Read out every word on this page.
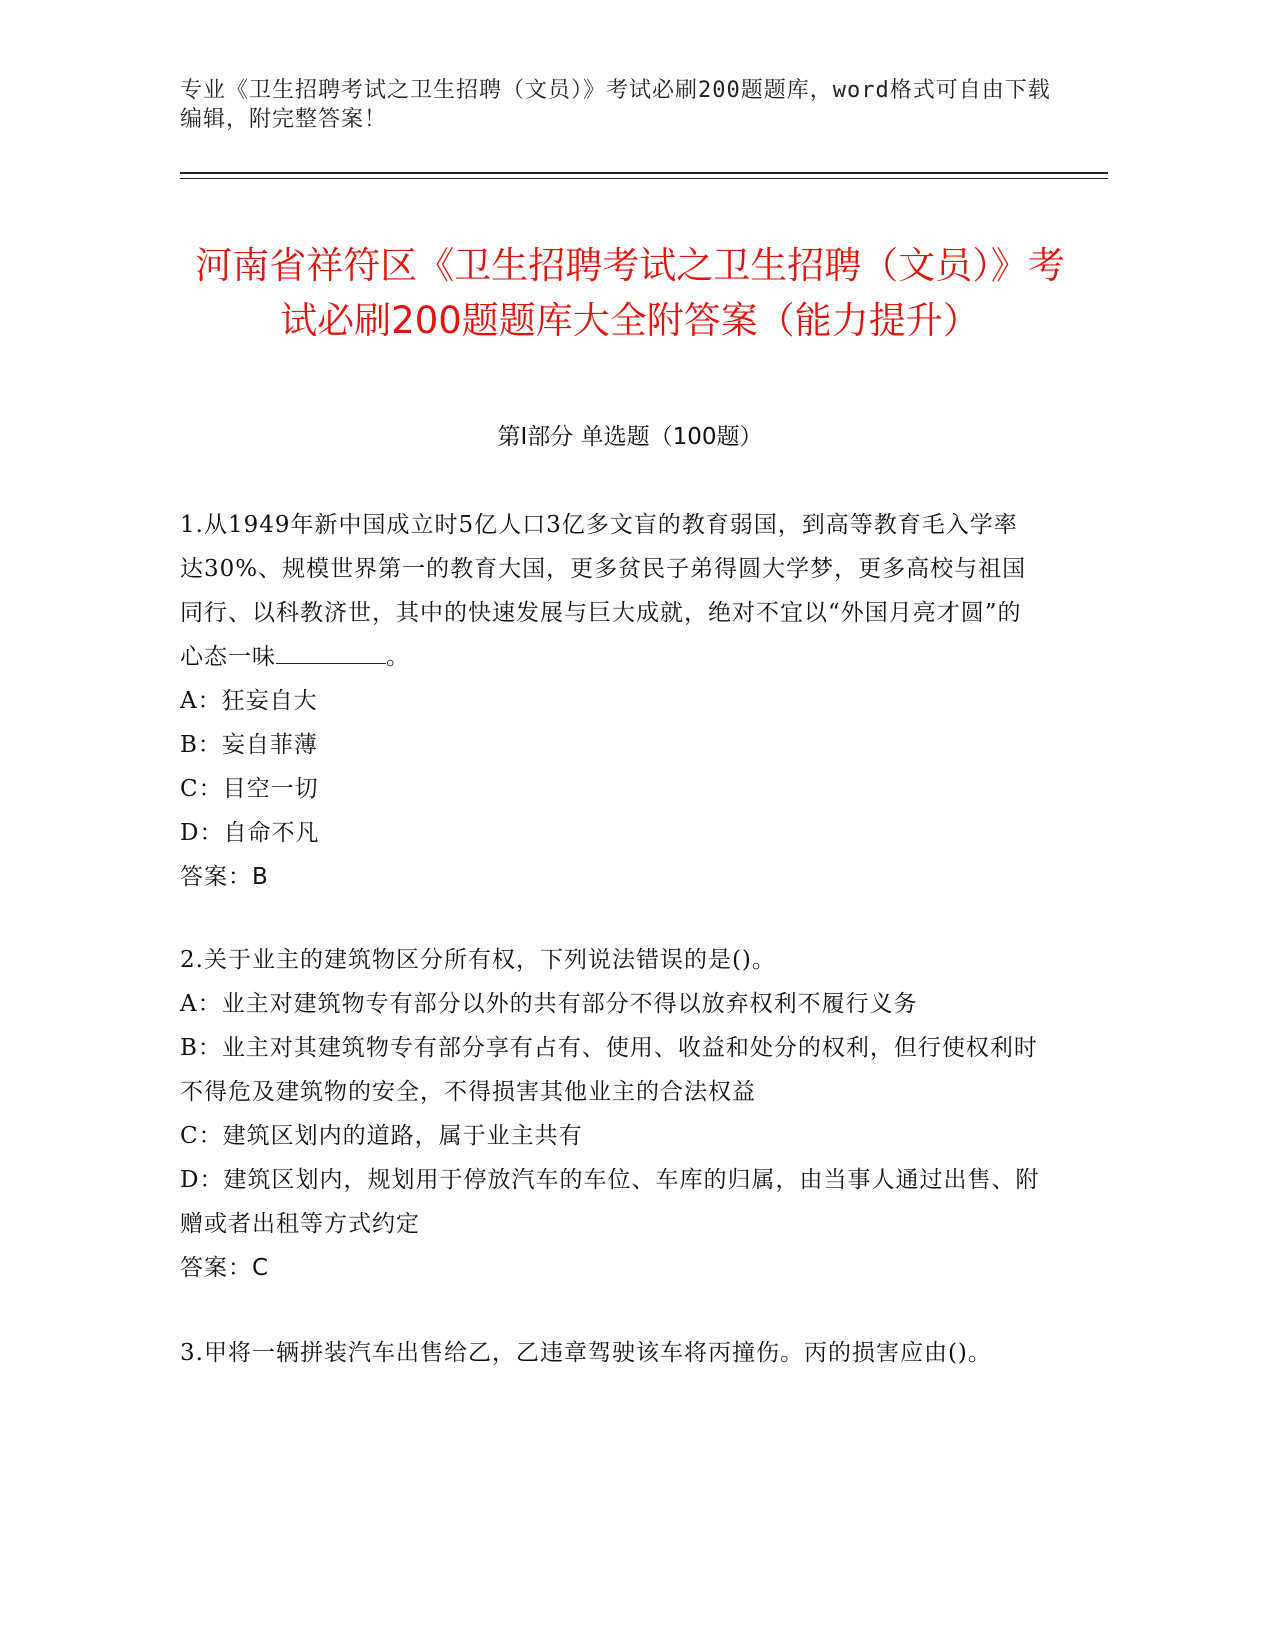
专业《卫生招聘考试之卫生招聘（文员）》考试必刷200题题库，word格式可自由下载编辑，附完整答案！
河南省祥符区《卫生招聘考试之卫生招聘（文员）》考试必刷200题题库大全附答案（能力提升）
第I部分 单选题（100题）

1.从1949年新中国成立时5亿人口3亿多文盲的教育弱国，到高等教育毛入学率达30%、规模世界第一的教育大国，更多贫民子弟得圆大学梦，更多高校与祖国同行、以科教济世，其中的快速发展与巨大成就，绝对不宜以“外国月亮才圆”的心态一味	。

A：狂妄自大

B：妄自菲薄

C：目空一切

D：自命不凡

答案：B

2.关于业主的建筑物区分所有权，下列说法错误的是()。

A：业主对建筑物专有部分以外的共有部分不得以放弃权利不履行义务

B：业主对其建筑物专有部分享有占有、使用、收益和处分的权利，但行使权利时不得危及建筑物的安全，不得损害其他业主的合法权益

C：建筑区划内的道路，属于业主共有

D：建筑区划内，规划用于停放汽车的车位、车库的归属，由当事人通过出售、附赠或者出租等方式约定

答案：C

3.甲将一辆拼装汽车出售给乙，乙违章驾驶该车将丙撞伤。丙的损害应由()。
